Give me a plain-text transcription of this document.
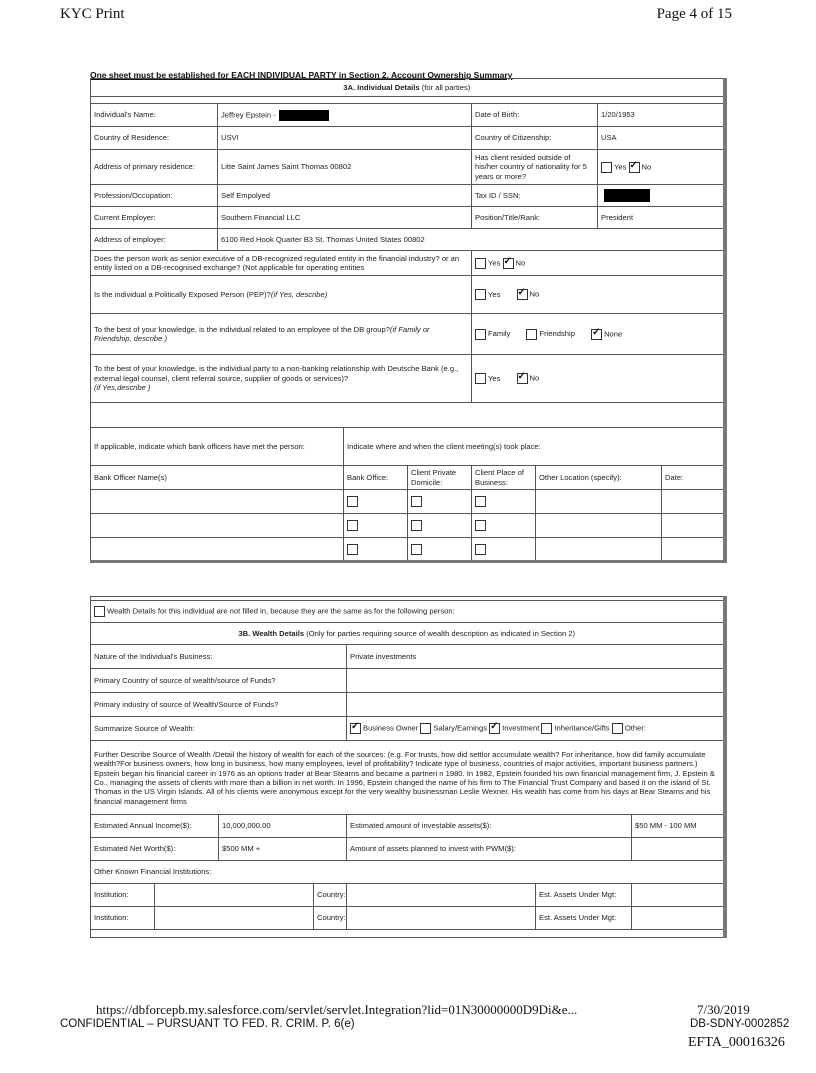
KYC Print	Page 4 of 15
One sheet must be established for EACH INDIVIDUAL PARTY in Section 2. Account Ownership Summary
3A. Individual Details (for all parties)							

Individual's Name:	Jeffrey Epstein -			Date of Birth:		1/20/1953	
Country of Residence:	USVI			Country of Citizenship:		USA	
Address of primary residence:	Litte Saint James Saint Thomas 00802			Has client resided outside of his/her country of nationality for 5 years or more?		Yes ✓ No
Profession/Occupation:	Self Empolyed			Tax ID / SSN:			
Current Employer:	Southern Financial LLC			Position/Title/Rank:		President	
Address of employer:	6100 Red Hook Quarter B3 St. Thomas United States 00802						
Does the person work as senior executive of a DB-recognized regulated entity in the financial industry? or an entity listed on a DB-recognised exchange? (Not applicable for operating entities				Yes ✓ No
Is the individual a Politically Exposed Person (PEP)?(if Yes, describe)				Yes ✓ No
To the best of your knowledge, is the individual related to an employee of the DB group?(if Family or Friendship, describe )				Family Friendship ✓ None
To the best of your knowledge, is the individual party to a non-banking relationship with Deutsche Bank (e.g., external legal counsel, client referral source, supplier of goods or services)?
(if Yes,describe )				Yes ✓ No

If applicable, indicate which bank officers have met the person:		Indicate where and when the client meeting(s) took place:					
Bank Officer Name(s)		Bank Office:	Client Private Domicile:	Client Place of Business:	Other Location (specify):		Date:

Wealth Details for this individual are not filled in, because they are the same as for the following person:						
3B. Wealth Details (Only for parties requiring source of wealth description as indicated in Section 2)						
Nature of the Individual's Business:				Private investments		
Primary Country of source of wealth/source of Funds?						
Primary industry of source of Wealth/Source of Funds?						
Summarize Source of Wealth:	✓Business Owner Salary/Earnings ✓ Investment Inheritance/Gifts Other:
Further Describe Source of Wealth /Detail the history of wealth for each of the sources: (e.g. For trusts, how did settlor accumulate wealth? For inheritance, how did family accumulate wealth?For business owners, how long in business, how many employees, level of profitability? Indicate type of business, countries of major activities, important business partners.) Epstein began his financial career in 1976 as an options trader at Bear Stearns and became a partneri n 1980. In 1982, Epstein founded his own financial management firm, J. Epstein & Co., managing the assets of clients with more than a billion in net worth. In 1996, Epstein changed the name of his firm to The Financial Trust Company and based it on the island of St. Thomas in the US Virgin Islands. All of his clients were anonymous except for the very wealthy businessman Leslie Wexner. His wealth has come from his days at Bear Stearns and his financial management firms						
Estimated Annual Income($):		10,000,000.00		Estimated amount of investable assets($):		$50 MM - 100 MM
Estimated Net Worth($):		$500 MM +		Amount of assets planned to invest with PWM($):		
Other Known Financial Institutions:						
Institution:			Country:		Est. Assets Under Mgt:	
Institution:			Country:		Est. Assets Under Mgt:	

https://dbforcepb.my.salesforce.com/servlet/servlet.Integration?lid=01N30000000D9Di&e...	7/30/2019
CONFIDENTIAL – PURSUANT TO FED. R. CRIM. P. 6(e)	DB-SDNY-0002852
EFTA_00016326
